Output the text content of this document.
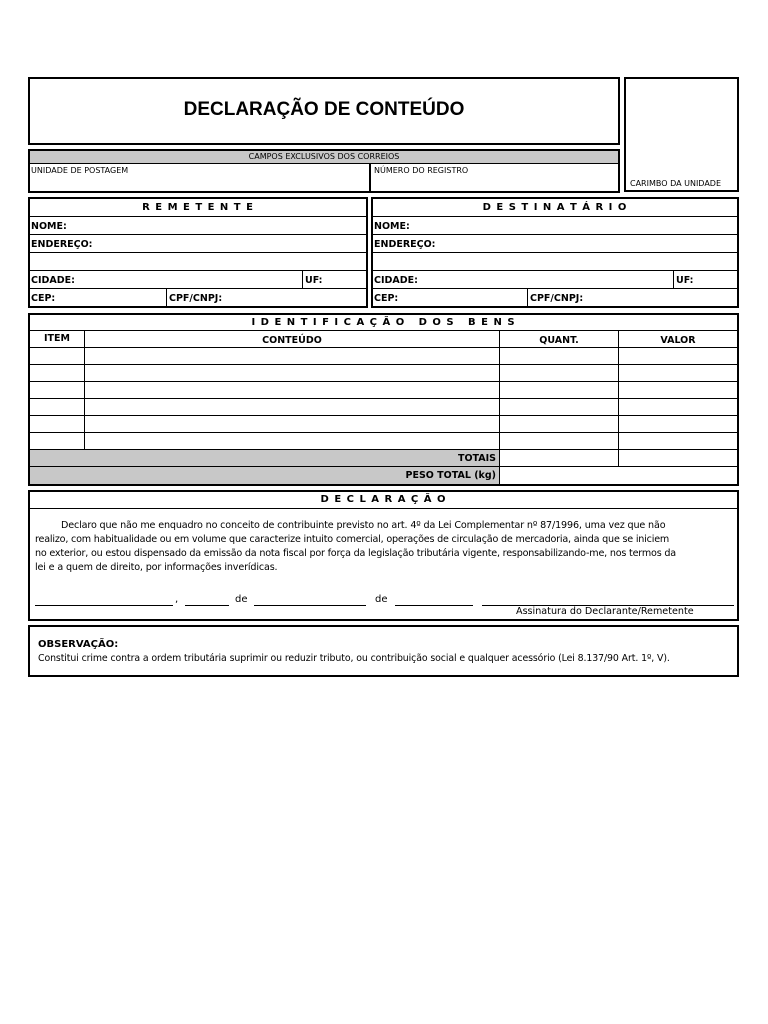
DECLARAÇÃO DE CONTEÚDO
CARIMBO DA UNIDADE
CAMPOS EXCLUSIVOS DOS CORREIOS
UNIDADE DE POSTAGEM	NÚMERO DO REGISTRO
R E M E T E N T E
NOME:
ENDEREÇO:
CIDADE:	UF:
CEP:	CPF/CNPJ:
D E S T I N A T Á R I O
NOME:
ENDEREÇO:
CIDADE:	UF:
CEP:	CPF/CNPJ:
I D E N T I F I C A Ç Ã O   D O S   B E N S
ITEM	CONTEÚDO	QUANT.	VALOR
TOTAIS
PESO TOTAL (kg)
D E C L A R A Ç Ã O
Declaro que não me enquadro no conceito de contribuinte previsto no art. 4º da Lei Complementar nº 87/1996, uma vez que não
realizo, com habitualidade ou em volume que caracterize intuito comercial, operações de circulação de mercadoria, ainda que se iniciem
no exterior, ou estou dispensado da emissão da nota fiscal por força da legislação tributária vigente, responsabilizando-me, nos termos da
lei e a quem de direito, por informações inverídicas.
,	de	de
Assinatura do Declarante/Remetente
OBSERVAÇÃO:
Constitui crime contra a ordem tributária suprimir ou reduzir tributo, ou contribuição social e qualquer acessório (Lei 8.137/90 Art. 1º, V).
